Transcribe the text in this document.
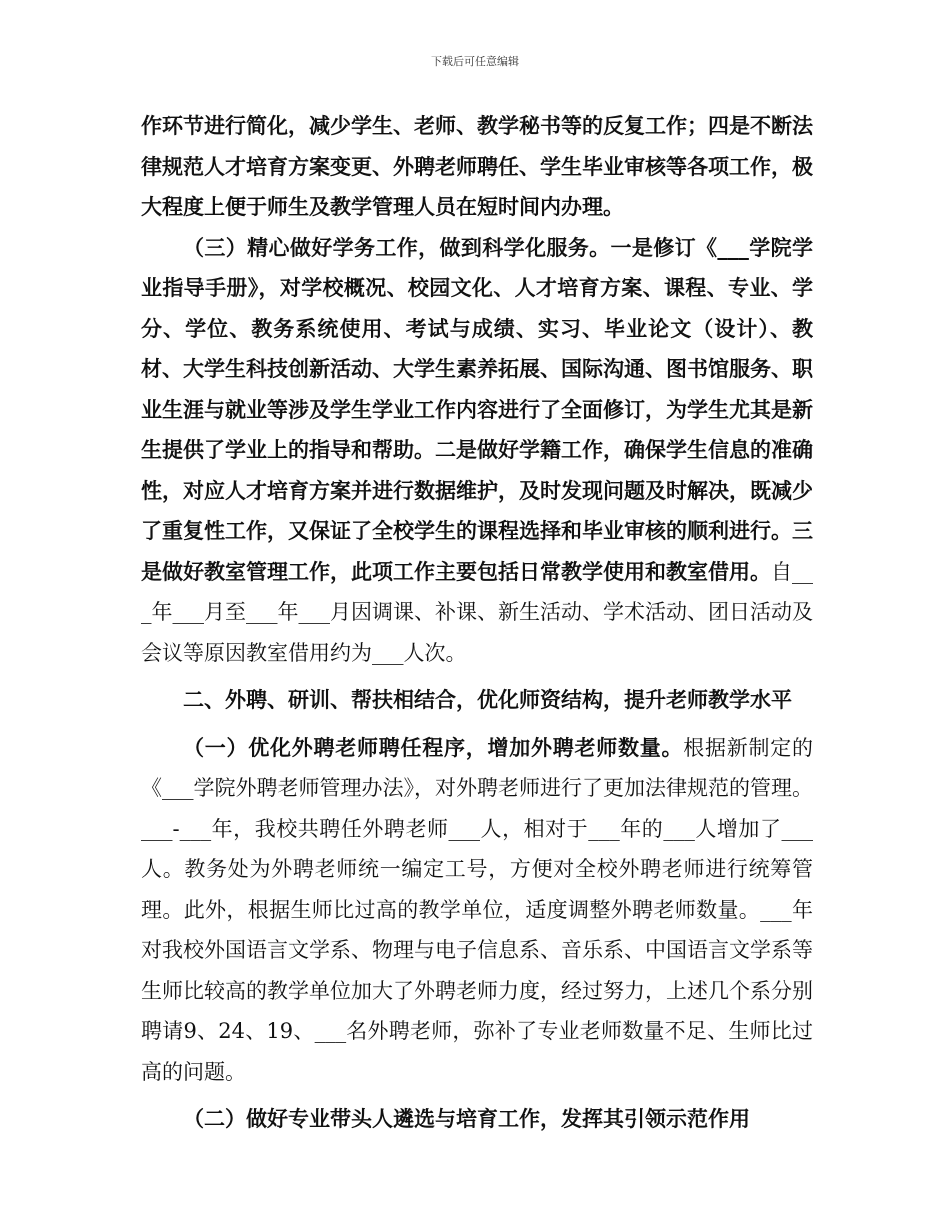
下载后可任意编辑

作环节进行简化，减少学生、老师、教学秘书等的反复工作；四是不断法律规范人才培育方案变更、外聘老师聘任、学生毕业审核等各项工作，极大程度上便于师生及教学管理人员在短时间内办理。

（三）精心做好学务工作，做到科学化服务。一是修订《___学院学业指导手册》，对学校概况、校园文化、人才培育方案、课程、专业、学分、学位、教务系统使用、考试与成绩、实习、毕业论文（设计）、教材、大学生科技创新活动、大学生素养拓展、国际沟通、图书馆服务、职业生涯与就业等涉及学生学业工作内容进行了全面修订，为学生尤其是新生提供了学业上的指导和帮助。二是做好学籍工作，确保学生信息的准确性，对应人才培育方案并进行数据维护，及时发现问题及时解决，既减少了重复性工作，又保证了全校学生的课程选择和毕业审核的顺利进行。三是做好教室管理工作，此项工作主要包括日常教学使用和教室借用。自___年___月至___年___月因调课、补课、新生活动、学术活动、团日活动及会议等原因教室借用约为___人次。

二、外聘、研训、帮扶相结合，优化师资结构，提升老师教学水平

（一）优化外聘老师聘任程序，增加外聘老师数量。根据新制定的《___学院外聘老师管理办法》，对外聘老师进行了更加法律规范的管理。___-___年，我校共聘任外聘老师___人，相对于___年的___人增加了___人。教务处为外聘老师统一编定工号，方便对全校外聘老师进行统筹管理。此外，根据生师比过高的教学单位，适度调整外聘老师数量。___年对我校外国语言文学系、物理与电子信息系、音乐系、中国语言文学系等生师比较高的教学单位加大了外聘老师力度，经过努力，上述几个系分别聘请9、24、19、___名外聘老师，弥补了专业老师数量不足、生师比过高的问题。

（二）做好专业带头人遴选与培育工作，发挥其引领示范作用
